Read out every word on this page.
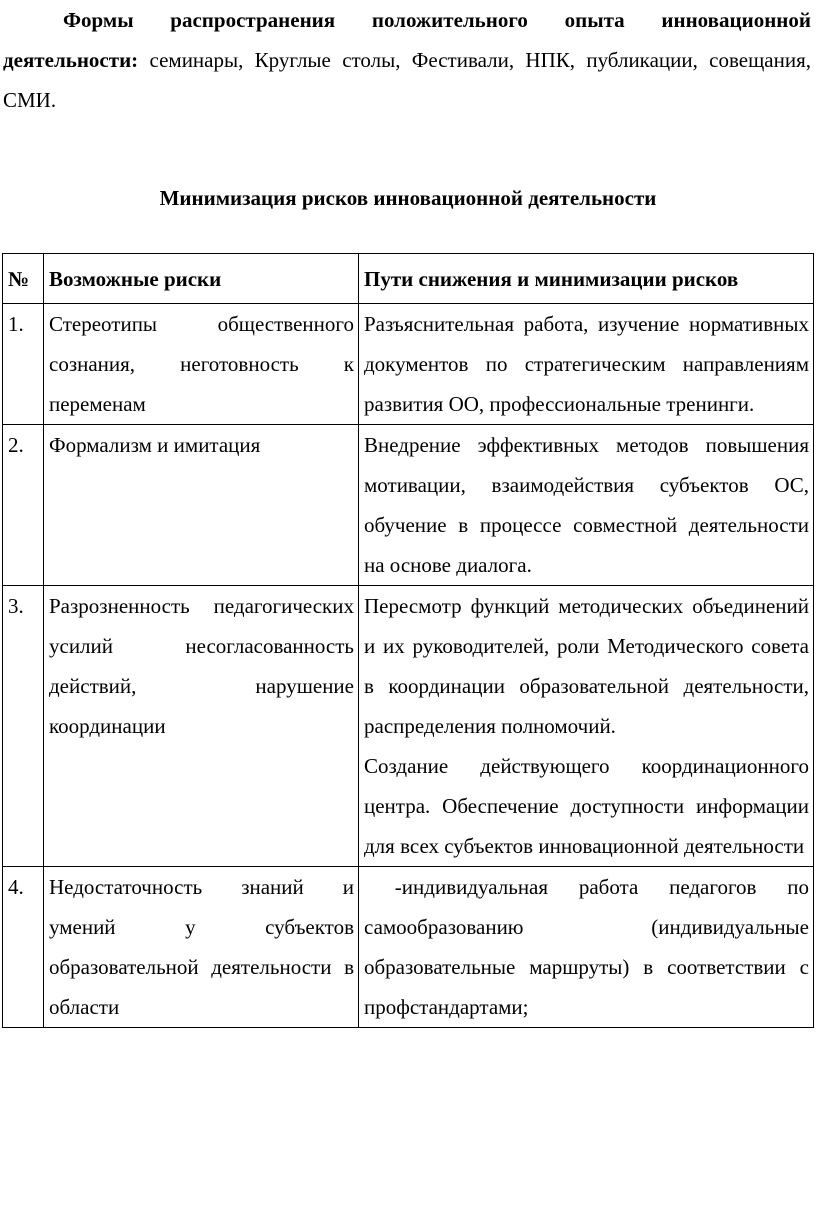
Формы распространения положительного опыта инновационной деятельности: семинары, Круглые столы, Фестивали, НПК, публикации, совещания, СМИ.

Минимизация рисков инновационной деятельности

№	Возможные риски	Пути снижения и минимизации рисков
1.	Стереотипы общественного сознания, неготовность к переменам	Разъяснительная работа, изучение нормативных документов по стратегическим направлениям развития ОО, профессиональные тренинги.
2.	Формализм и имитация	Внедрение эффективных методов повышения мотивации, взаимодействия субъектов ОС, обучение в процессе совместной деятельности на основе диалога.
3.	Разрозненность педагогических усилий несогласованность действий, нарушение координации	Пересмотр функций методических объединений и их руководителей, роли Методического совета в координации образовательной деятельности, распределения полномочий.
Создание действующего координационного центра. Обеспечение доступности информации для всех субъектов инновационной деятельности

4.	Недостаточность знаний и умений у субъектов образовательной деятельности в области	-индивидуальная работа педагогов по самообразованию (индивидуальные образовательные маршруты) в соответствии с профстандартами;
